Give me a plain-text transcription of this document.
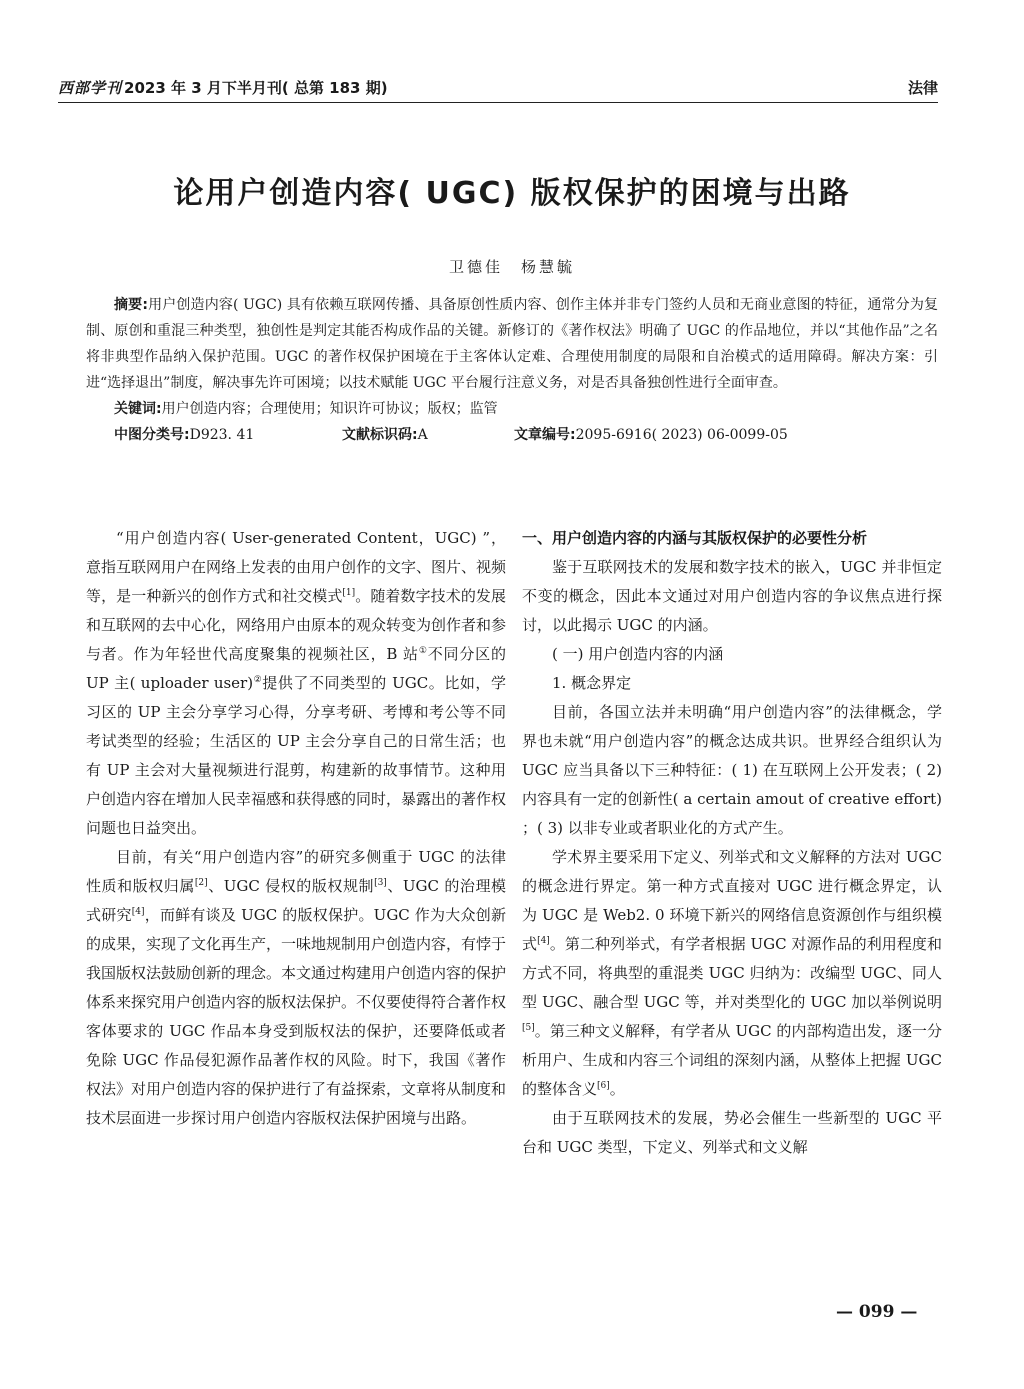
西部学刊 2023 年 3 月下半月刊( 总第 183 期)	法律
论用户创造内容( UGC) 版权保护的困境与出路
卫德佳　杨慧毓

摘要:用户创造内容( UGC) 具有依赖互联网传播、具备原创性质内容、创作主体并非专门签约人员和无商业意图的特征，通常分为复制、原创和重混三种类型，独创性是判定其能否构成作品的关键。新修订的《著作权法》明确了 UGC 的作品地位，并以“其他作品”之名将非典型作品纳入保护范围。UGC 的著作权保护困境在于主客体认定难、合理使用制度的局限和自治模式的适用障碍。解决方案：引进“选择退出”制度，解决事先许可困境；以技术赋能 UGC 平台履行注意义务，对是否具备独创性进行全面审查。

关键词:用户创造内容；合理使用；知识许可协议；版权；监管

中图分类号:D923. 41	文献标识码:A	文章编号:2095-6916( 2023) 06-0099-05

“用户创造内容( User-generated Content，UGC) ”，意指互联网用户在网络上发表的由用户创作的文字、图片、视频等，是一种新兴的创作方式和社交模式[1]。随着数字技术的发展和互联网的去中心化，网络用户由原本的观众转变为创作者和参与者。作为年轻世代高度聚集的视频社区，B 站①不同分区的 UP 主( uploader user)②提供了不同类型的 UGC。比如，学习区的 UP 主会分享学习心得，分享考研、考博和考公等不同考试类型的经验；生活区的 UP 主会分享自己的日常生活；也有 UP 主会对大量视频进行混剪，构建新的故事情节。这种用户创造内容在增加人民幸福感和获得感的同时，暴露出的著作权问题也日益突出。

目前，有关“用户创造内容”的研究多侧重于 UGC 的法律性质和版权归属[2]、UGC 侵权的版权规制[3]、UGC 的治理模式研究[4]，而鲜有谈及 UGC 的版权保护。UGC 作为大众创新的成果，实现了文化再生产，一味地规制用户创造内容，有悖于我国版权法鼓励创新的理念。本文通过构建用户创造内容的保护体系来探究用户创造内容的版权法保护。不仅要使得符合著作权客体要求的 UGC 作品本身受到版权法的保护，还要降低或者免除 UGC 作品侵犯源作品著作权的风险。时下，我国《著作权法》对用户创造内容的保护进行了有益探索，文章将从制度和技术层面进一步探讨用户创造内容版权法保护困境与出路。

一、用户创造内容的内涵与其版权保护的必要性分析

鉴于互联网技术的发展和数字技术的嵌入，UGC 并非恒定不变的概念，因此本文通过对用户创造内容的争议焦点进行探讨，以此揭示 UGC 的内涵。

( 一) 用户创造内容的内涵
1. 概念界定

目前，各国立法并未明确“用户创造内容”的法律概念，学界也未就“用户创造内容”的概念达成共识。世界经合组织认为 UGC 应当具备以下三种特征：( 1) 在互联网上公开发表；( 2) 内容具有一定的创新性( a certain amout of creative effort) ；( 3) 以非专业或者职业化的方式产生。

学术界主要采用下定义、列举式和文义解释的方法对 UGC 的概念进行界定。第一种方式直接对 UGC 进行概念界定，认为 UGC 是 Web2. 0 环境下新兴的网络信息资源创作与组织模式[4]。第二种列举式，有学者根据 UGC 对源作品的利用程度和方式不同，将典型的重混类 UGC 归纳为：改编型 UGC、同人型 UGC、融合型 UGC 等，并对类型化的 UGC 加以举例说明[5]。第三种文义解释，有学者从 UGC 的内部构造出发，逐一分析用户、生成和内容三个词组的深刻内涵，从整体上把握 UGC 的整体含义[6]。

由于互联网技术的发展，势必会催生一些新型的 UGC 平台和 UGC 类型，下定义、列举式和文义解

— 099 —
